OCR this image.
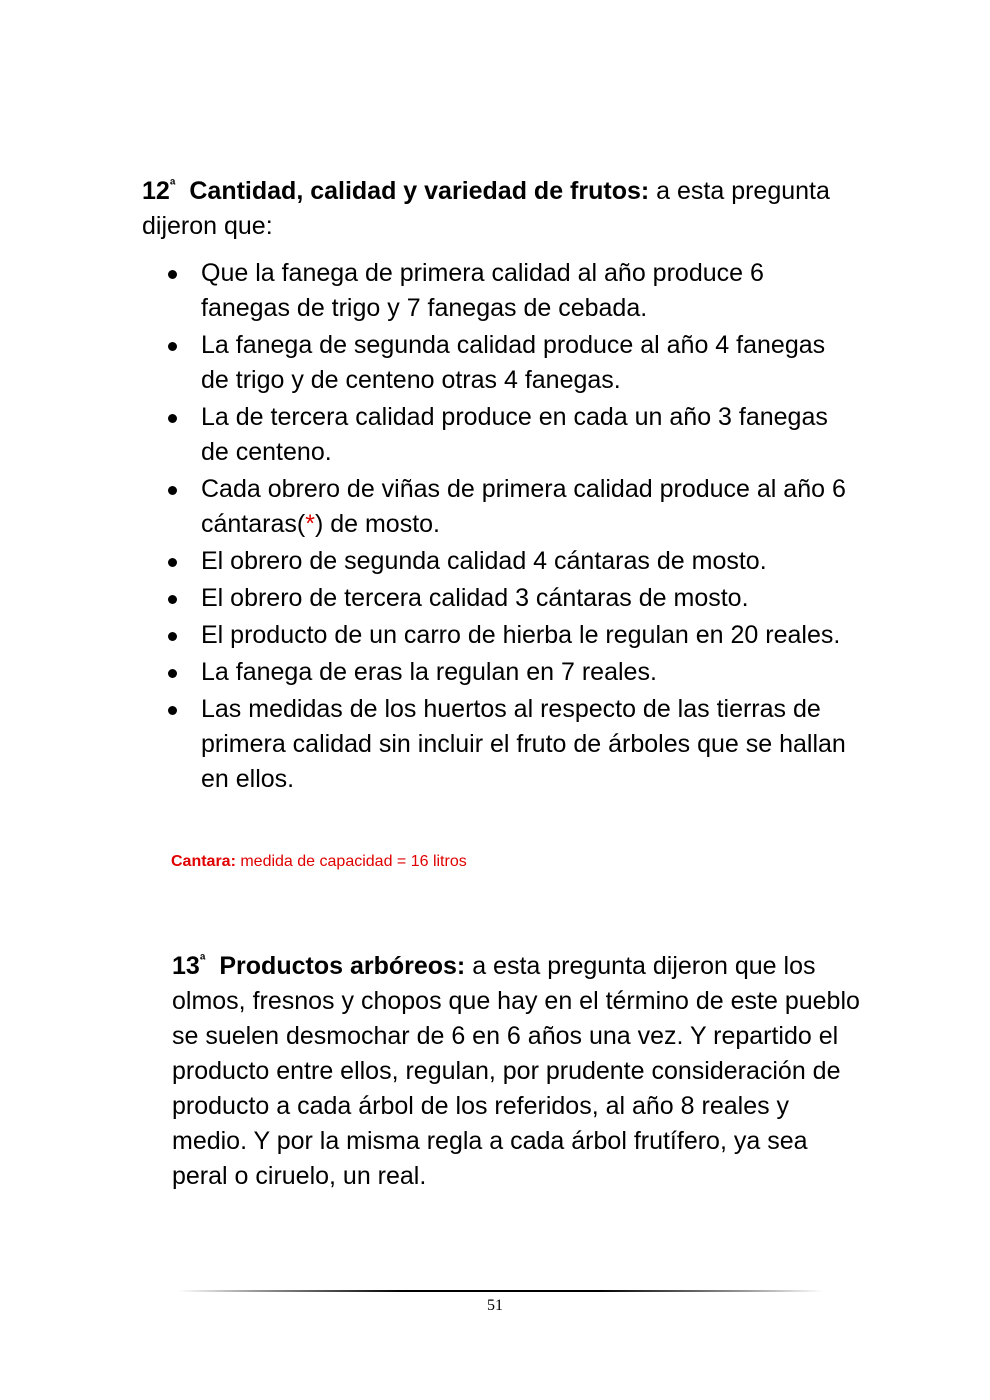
$12^ª$ Cantidad, calidad y variedad de frutos: a esta pregunta dijeron que:
Que la fanega de primera calidad al año produce 6 fanegas de trigo y 7 fanegas de cebada.
La fanega de segunda calidad produce al año 4 fanegas de trigo y de centeno otras 4 fanegas.
La de tercera calidad produce en cada un año 3 fanegas de centeno.
Cada obrero de viñas de primera calidad produce al año 6 cántaras(*) de mosto.
El obrero de segunda calidad 4 cántaras de mosto.
El obrero de tercera calidad 3 cántaras de mosto.
El producto de un carro de hierba le regulan en 20 reales.
La fanega de eras la regulan en 7 reales.
Las medidas de los huertos al respecto de las tierras de primera calidad sin incluir el fruto de árboles que se hallan en ellos.
Cantara: medida de capacidad = 16 litros
$13^ª$ Productos arbóreos: a esta pregunta dijeron que los olmos, fresnos y chopos que hay en el término de este pueblo se suelen desmochar de 6 en 6 años una vez. Y repartido el producto entre ellos, regulan, por prudente consideración de producto a cada árbol de los referidos, al año 8 reales y medio. Y por la misma regla a cada árbol frutífero, ya sea peral o ciruelo, un real.
51
